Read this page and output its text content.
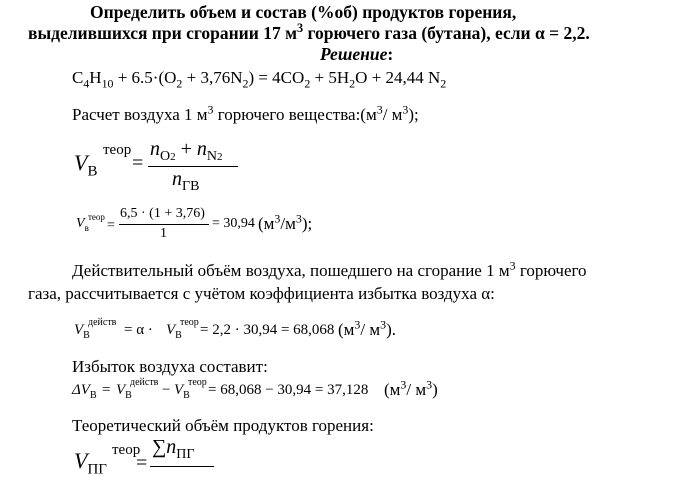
Определить объем и состав (%об) продуктов горения,
выделившихся при сгорании 17 $м^3$ горючего газа (бутана), если α = 2,2.
Решение:
$C_4H_{10} + 6.5\cdot(O_2 + 3,76N_2) = 4CO_2 + 5H_2O + 24,44$ $N_2$
Расчет воздуха 1 $м^3$ горючего $вещества:(м^3/$ $м^3$);
$V_В$
теор
=
$n_{O2} + n_{N2}$
$n_{ГВ}$
$V_в$
теор
=
6,5 · (1 + 3,76)
1
= 30,94 $(м^3/м^3)$;
Действительный объём воздуха, пошедшего на сгорание 1 $м^3$ горючего
газа, рассчитывается с учётом коэффициента избытка воздуха α:
$V_В$
действ = $\alpha \cdot V_В$
теор = 2,2 · 30,94 = 68,068 ($м^3/$ $м^3$).
Избыток воздуха составит:
$\Delta V_В = V_В$
действ − $V_В$
теор = 68,068 − 30,94 = 37,128 ($м^3/$ $м^3$)
Теоретический объём продуктов горения:
$V_{ПГ}$
теор
=
$\sum n_{ПГ}$
